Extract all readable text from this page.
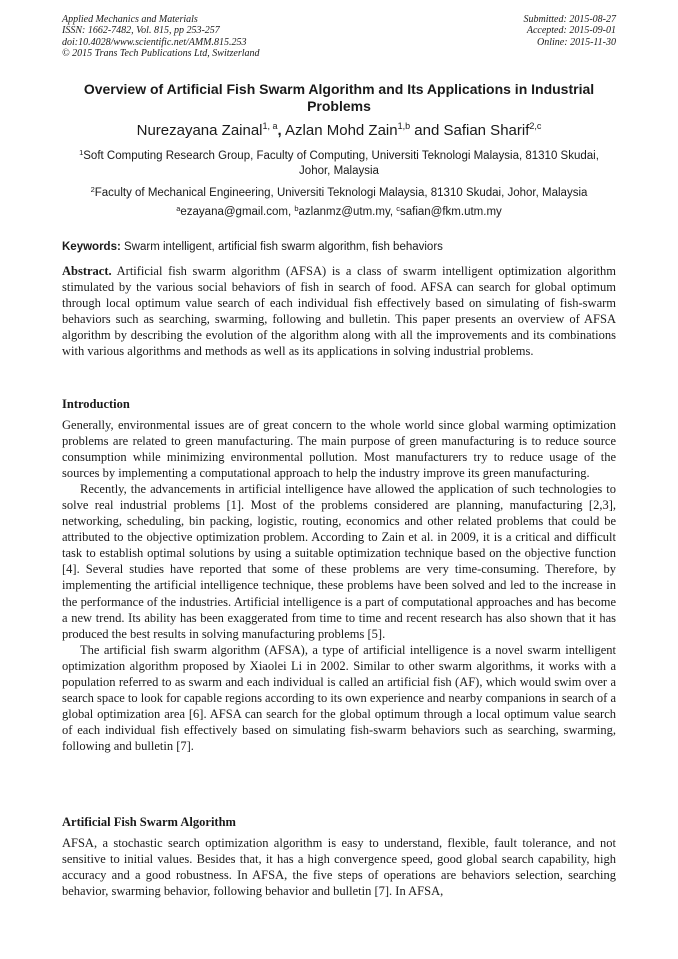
Applied Mechanics and Materials
ISSN: 1662-7482, Vol. 815, pp 253-257
doi:10.4028/www.scientific.net/AMM.815.253
© 2015 Trans Tech Publications Ltd, Switzerland
Submitted: 2015-08-27
Accepted: 2015-09-01
Online: 2015-11-30
Overview of Artificial Fish Swarm Algorithm and Its Applications in Industrial Problems
Nurezayana Zainal$^{1, a}$, Azlan Mohd Zain$^{1,b}$ and Safian Sharif$^{2,c}$
$^1$Soft Computing Research Group, Faculty of Computing, Universiti Teknologi Malaysia, 81310 Skudai, Johor, Malaysia
$^2$Faculty of Mechanical Engineering, Universiti Teknologi Malaysia, 81310 Skudai, Johor, Malaysia
$^a$ezayana@gmail.com, $^b$azlanmz@utm.my, $^c$safian@fkm.utm.my
Keywords: Swarm intelligent, artificial fish swarm algorithm, fish behaviors

Abstract. Artificial fish swarm algorithm (AFSA) is a class of swarm intelligent optimization algorithm stimulated by the various social behaviors of fish in search of food. AFSA can search for global optimum through local optimum value search of each individual fish effectively based on simulating of fish-swarm behaviors such as searching, swarming, following and bulletin. This paper presents an overview of AFSA algorithm by describing the evolution of the algorithm along with all the improvements and its combinations with various algorithms and methods as well as its applications in solving industrial problems.

Introduction

Generally, environmental issues are of great concern to the whole world since global warming optimization problems are related to green manufacturing. The main purpose of green manufacturing is to reduce source consumption while minimizing environmental pollution. Most manufacturers try to reduce usage of the sources by implementing a computational approach to help the industry improve its green manufacturing.

Recently, the advancements in artificial intelligence have allowed the application of such technologies to solve real industrial problems [1]. Most of the problems considered are planning, manufacturing [2,3], networking, scheduling, bin packing, logistic, routing, economics and other related problems that could be attributed to the objective optimization problem. According to Zain et al. in 2009, it is a critical and difficult task to establish optimal solutions by using a suitable optimization technique based on the objective function [4]. Several studies have reported that some of these problems are very time-consuming. Therefore, by implementing the artificial intelligence technique, these problems have been solved and led to the increase in the performance of the industries. Artificial intelligence is a part of computational approaches and has become a new trend. Its ability has been exaggerated from time to time and recent research has also shown that it has produced the best results in solving manufacturing problems [5].

The artificial fish swarm algorithm (AFSA), a type of artificial intelligence is a novel swarm intelligent optimization algorithm proposed by Xiaolei Li in 2002. Similar to other swarm algorithms, it works with a population referred to as swarm and each individual is called an artificial fish (AF), which would swim over a search space to look for capable regions according to its own experience and nearby companions in search of a global optimization area [6]. AFSA can search for the global optimum through a local optimum value search of each individual fish effectively based on simulating fish-swarm behaviors such as searching, swarming, following and bulletin [7].

Artificial Fish Swarm Algorithm

AFSA, a stochastic search optimization algorithm is easy to understand, flexible, fault tolerance, and not sensitive to initial values. Besides that, it has a high convergence speed, good global search capability, high accuracy and a good robustness. In AFSA, the five steps of operations are behaviors selection, searching behavior, swarming behavior, following behavior and bulletin [7]. In AFSA,
